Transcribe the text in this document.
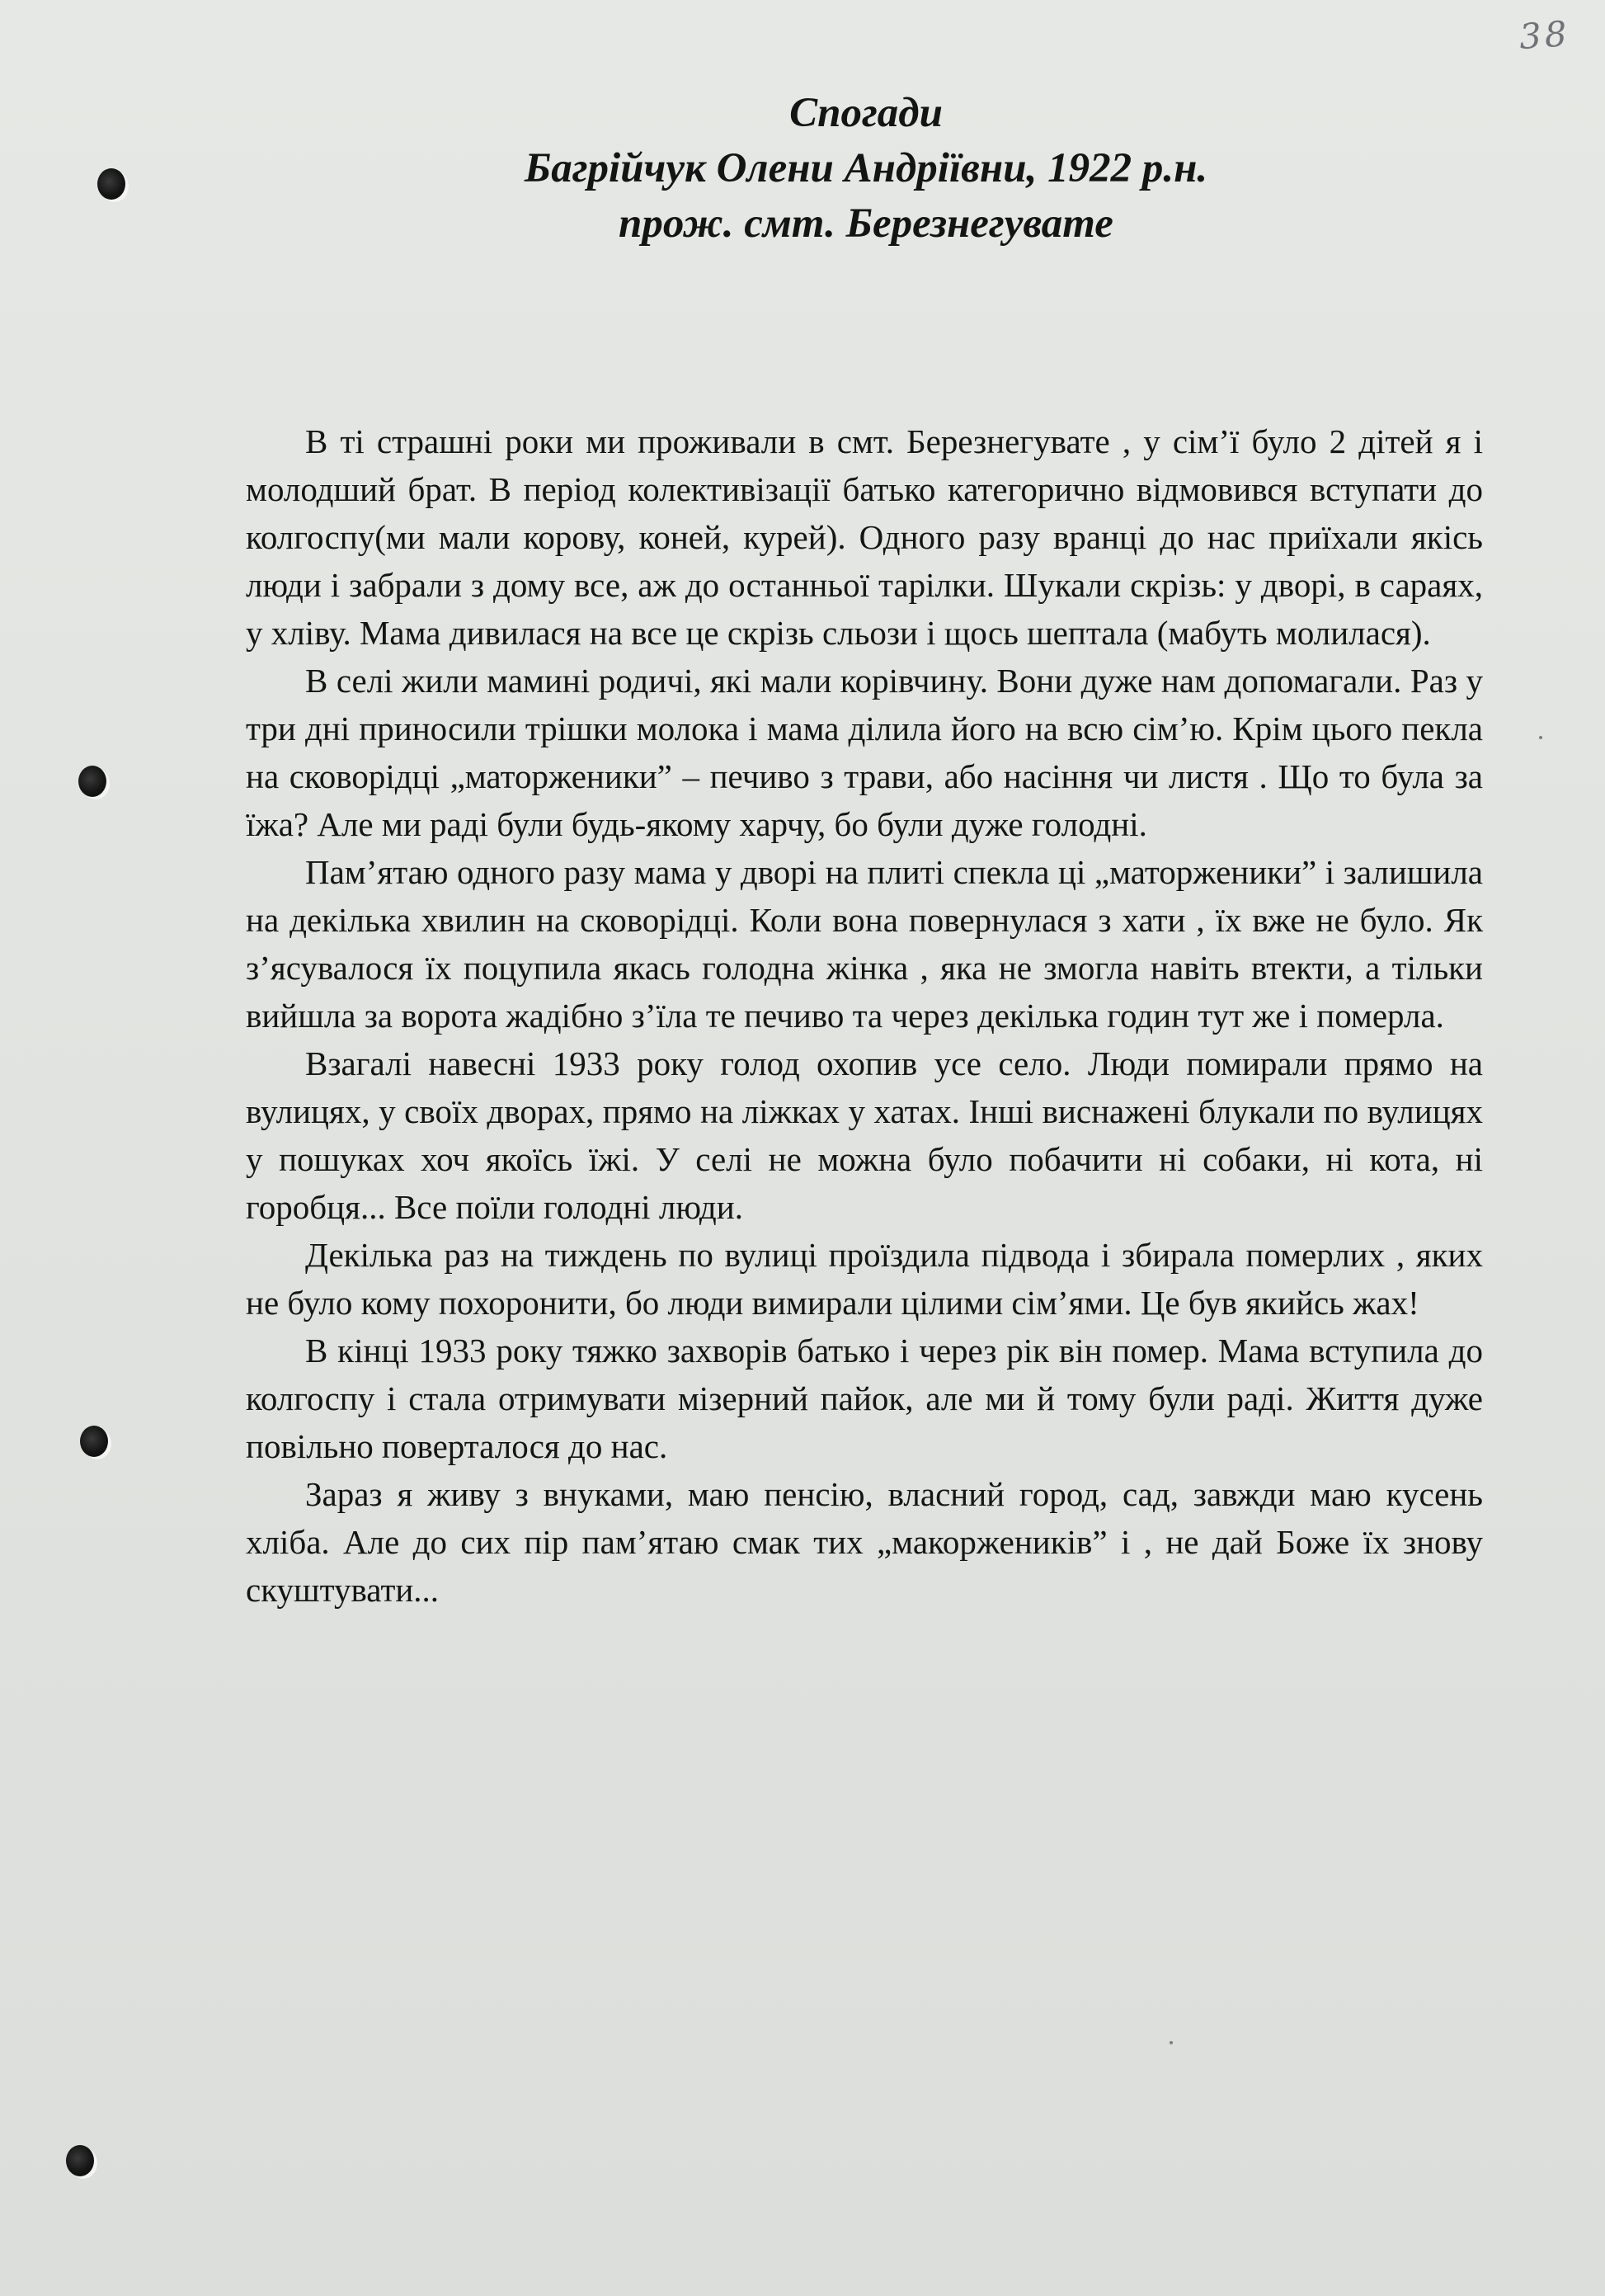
38
Спогади
Багрійчук Олени Андріївни, 1922 р.н.
прож. смт. Березнегувате

В ті страшні роки ми проживали в смт. Березнегувате , у сім’ї було 2 дітей я і молодший брат. В період колективізації батько категорично відмовився вступати до колгоспу(ми мали корову, коней, курей). Одного разу вранці до нас приїхали якісь люди і забрали з дому все, аж до останньої тарілки. Шукали скрізь: у дворі, в сараях, у хліву. Мама дивилася на все це скрізь сльози і щось шептала (мабуть молилася).

В селі жили мамині родичі, які мали корівчину. Вони дуже нам допомагали. Раз у три дні приносили трішки молока і мама ділила його на всю сім’ю. Крім цього пекла на сковорідці „маторженики” – печиво з трави, або насіння чи листя . Що то була за їжа? Але ми раді були будь-якому харчу, бо були дуже голодні.

Пам’ятаю одного разу мама у дворі на плиті спекла ці „маторженики” і залишила на декілька хвилин на сковорідці. Коли вона повернулася з хати , їх вже не було. Як з’ясувалося їх поцупила якась голодна жінка , яка не змогла навіть втекти, а тільки вийшла за ворота жадібно з’їла те печиво та через декілька годин тут же і померла.

Взагалі навесні 1933 року голод охопив усе село. Люди помирали прямо на вулицях, у своїх дворах, прямо на ліжках у хатах. Інші виснажені блукали по вулицях у пошуках хоч якоїсь їжі. У селі не можна було побачити ні собаки, ні кота, ні горобця... Все поїли голодні люди.

Декілька раз на тиждень по вулиці проїздила підвода і збирала померлих , яких не було кому похоронити, бо люди вимирали цілими сім’ями. Це був якийсь жах!

В кінці 1933 року тяжко захворів батько і через рік він помер. Мама вступила до колгоспу і стала отримувати мізерний пайок, але ми й тому були раді. Життя дуже повільно поверталося до нас.

Зараз я живу з внуками, маю пенсію, власний город, сад, завжди маю кусень хліба. Але до сих пір пам’ятаю смак тих „макорженикiв” і , не дай Боже їх знову скуштувати...
